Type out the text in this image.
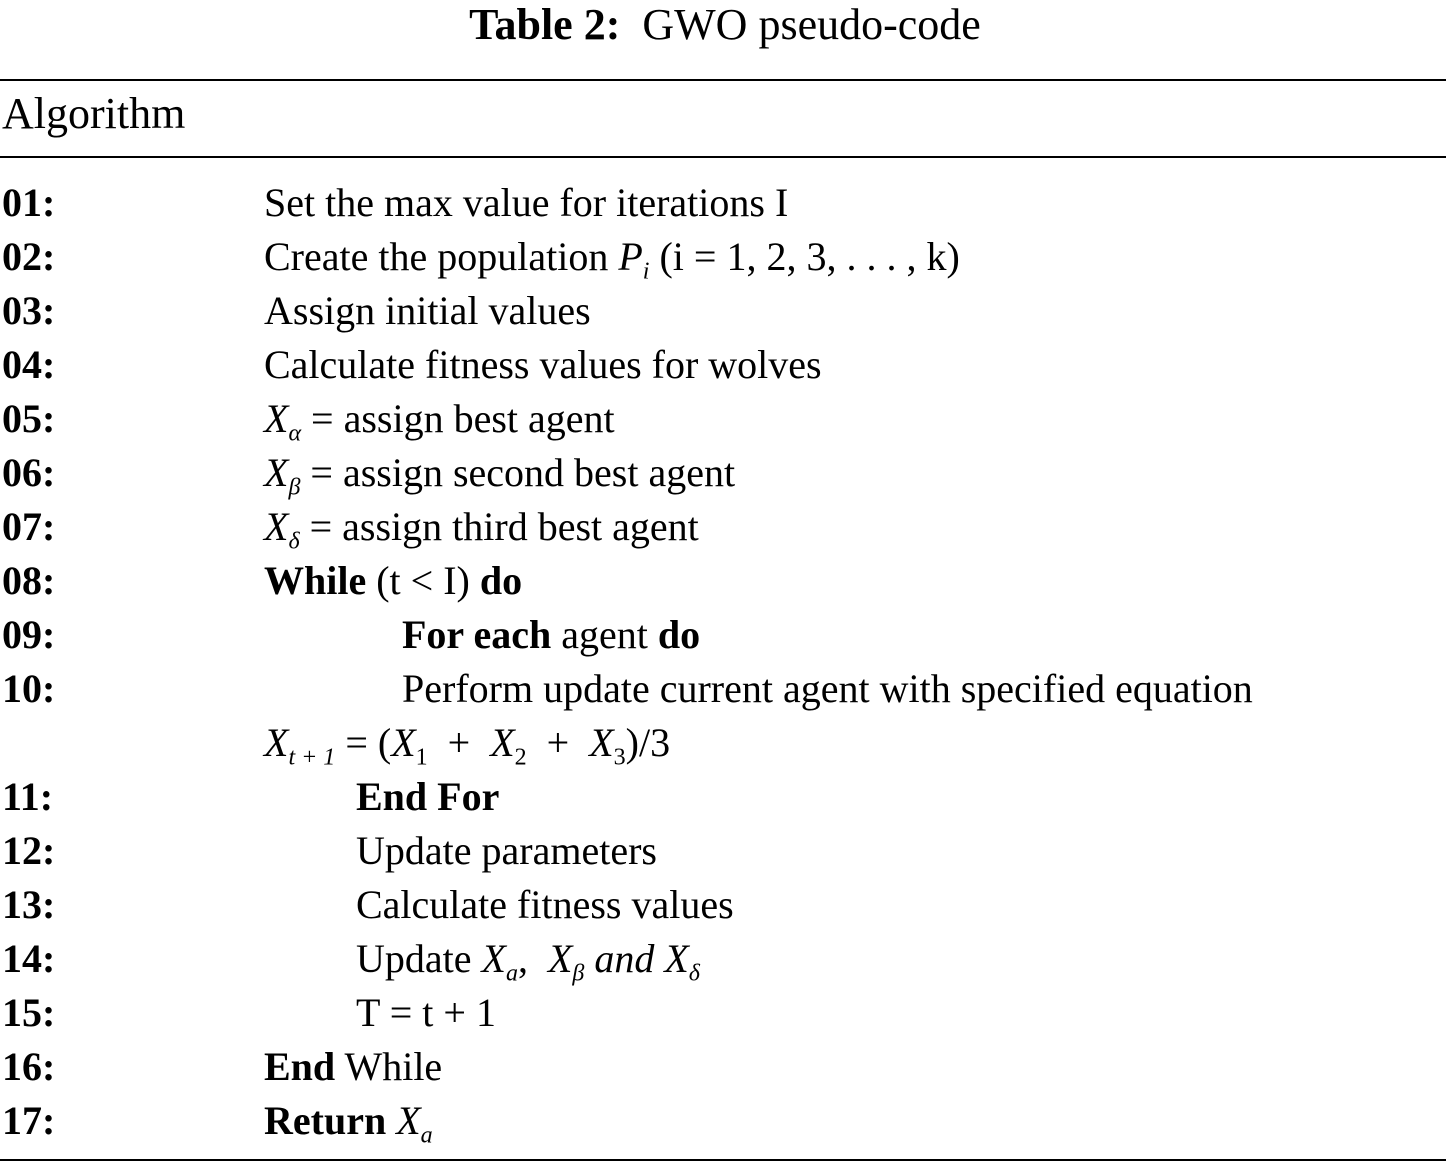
Table 2: GWO pseudo-code
Algorithm
01:	Set the max value for iterations I
02:	Create the population $P_i$ (i = 1, 2, 3, . . . , k)
03:	Assign initial values
04:	Calculate fitness values for wolves
05:	$X_\alpha$ = assign best agent
06:	$X_\beta$ = assign second best agent
07:	$X_\delta$ = assign third best agent
08:	While (t < I) do
09:	For each agent do
10:	Perform update current agent with specified equation
$X_{t + 1} = (X_1 + X_2 + X_3)/3$
11:	End For
12:	Update parameters
13:	Calculate fitness values
14:	Update $X_a$,  $X_\beta$ and $X_\delta$
15:	T = t + 1
16:	End While
17:	Return $X_a$
